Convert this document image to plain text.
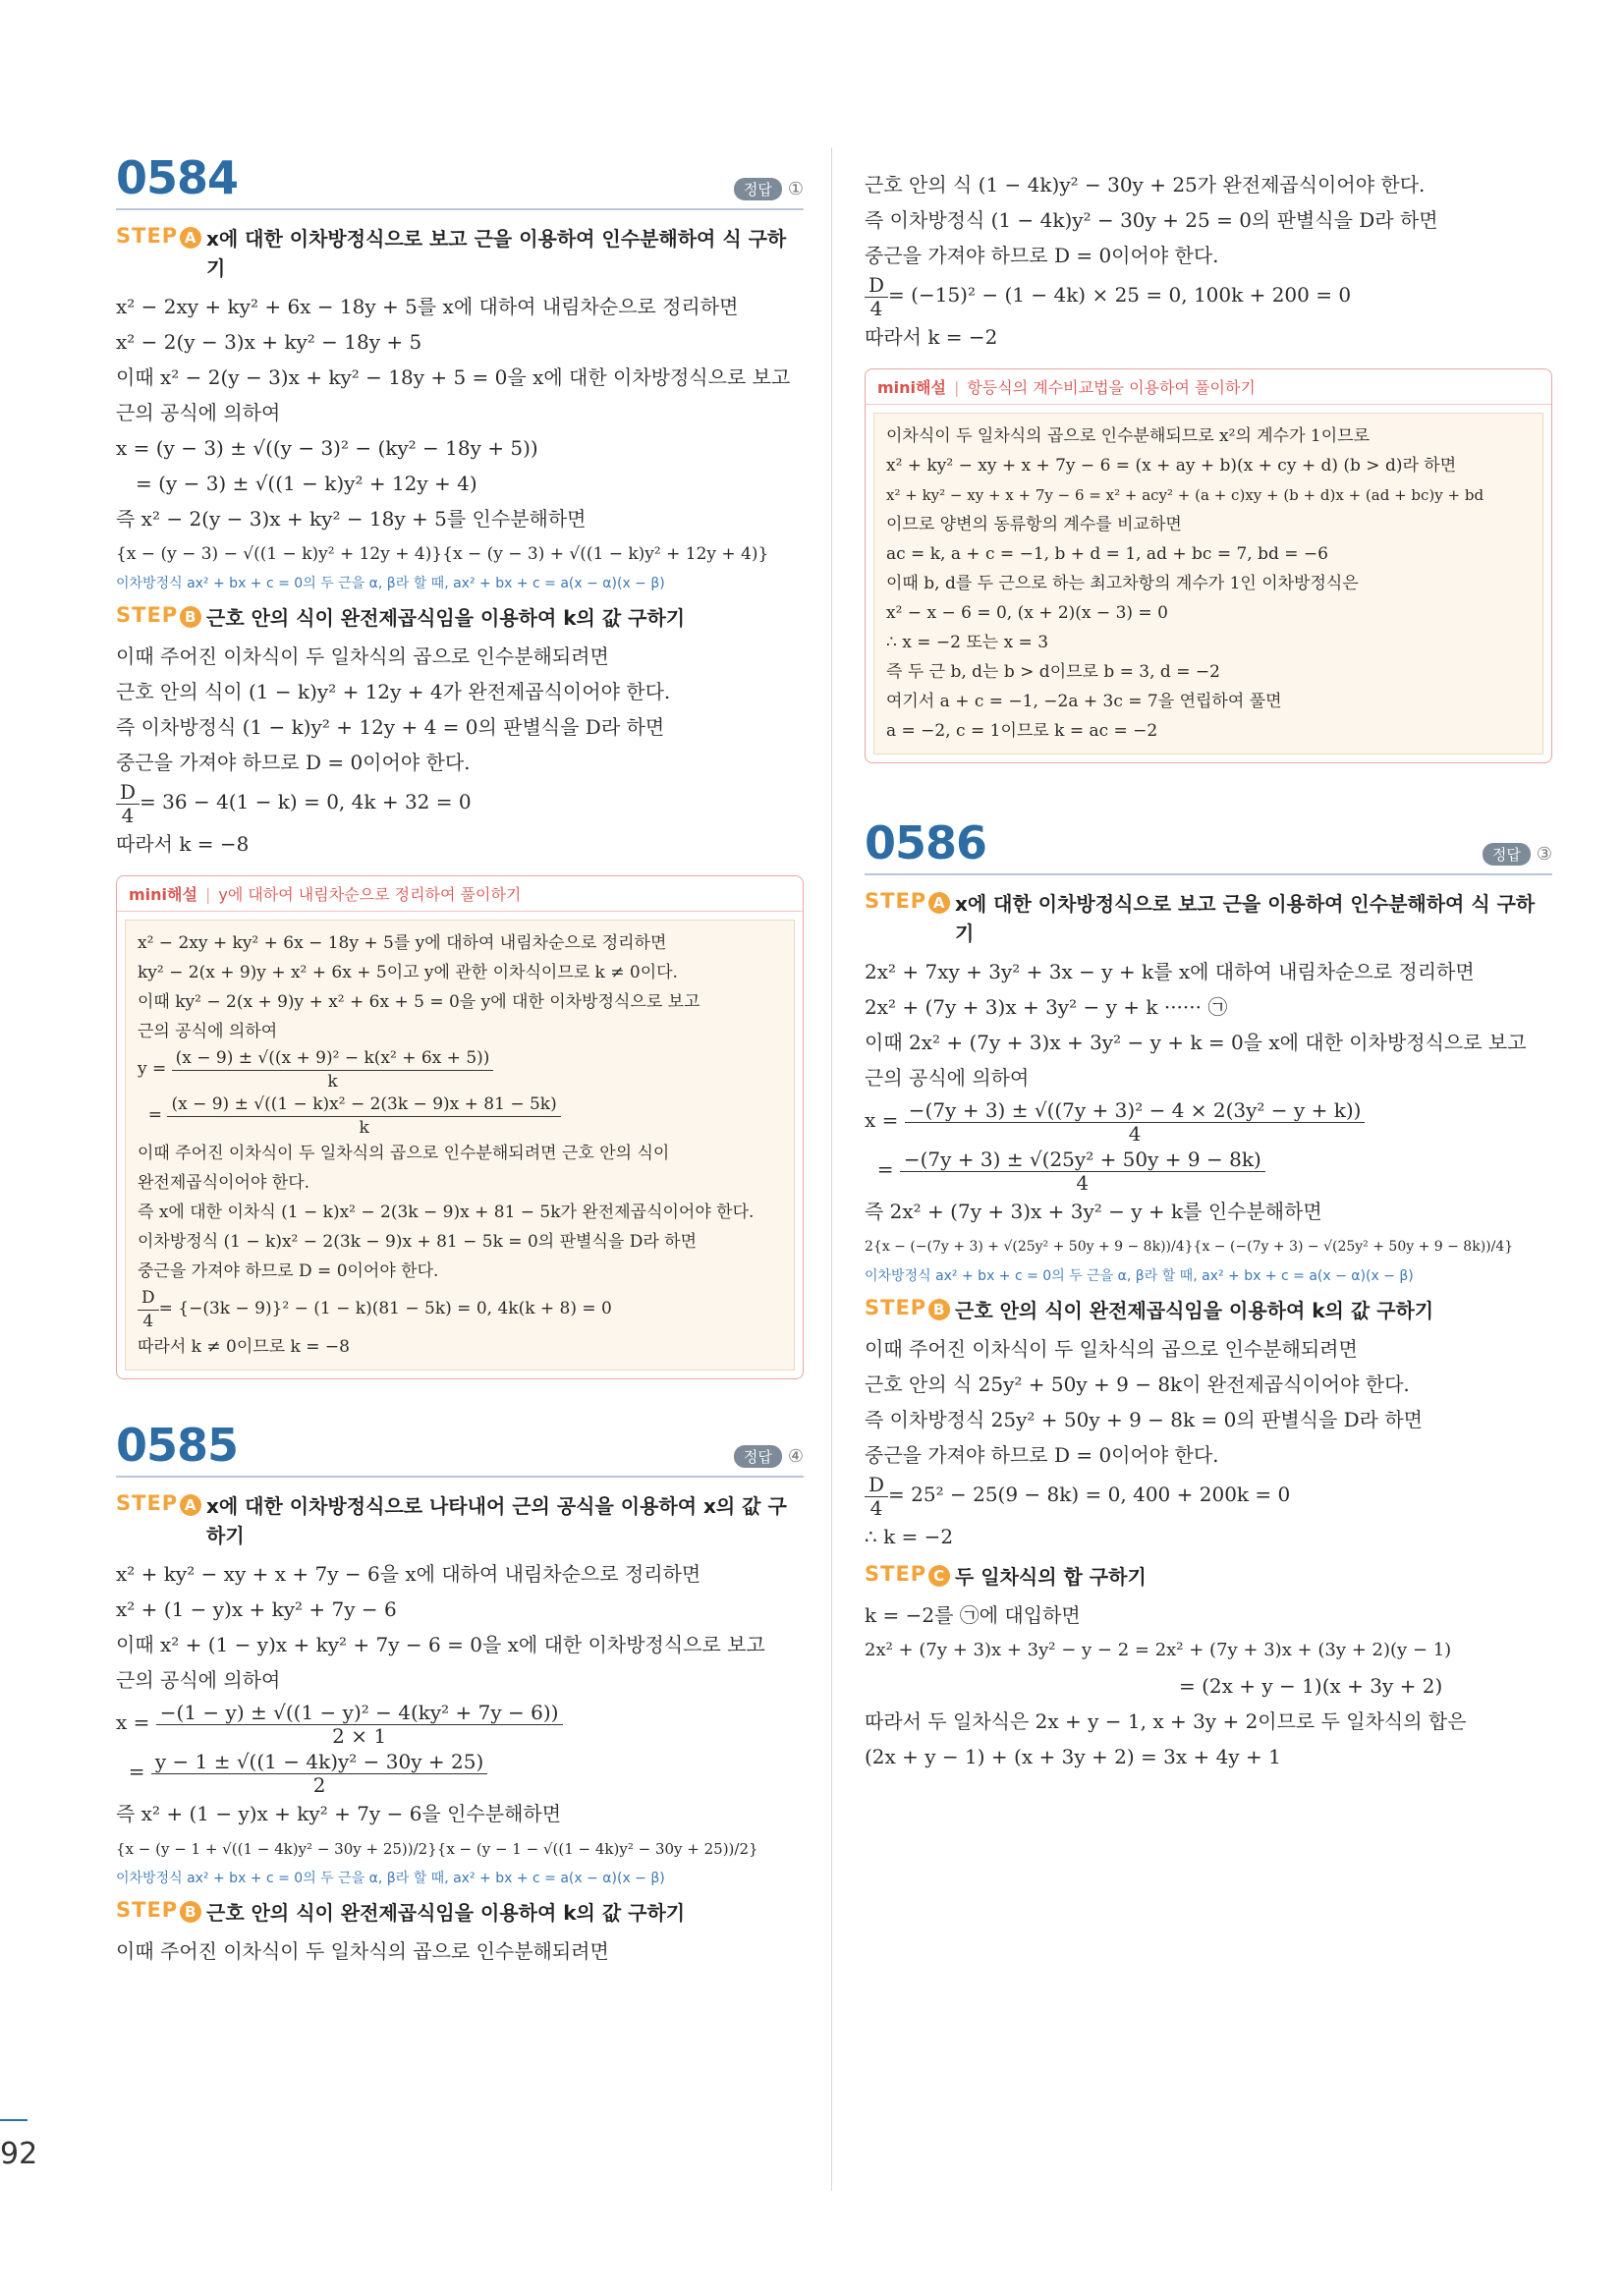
0584	정답 ①
STEP A x에 대한 이차방정식으로 보고 근을 이용하여 인수분해하여 식 구하기
x² − 2xy + ky² + 6x − 18y + 5를 x에 대하여 내림차순으로 정리하면
x² − 2(y − 3)x + ky² − 18y + 5
이때 x² − 2(y − 3)x + ky² − 18y + 5 = 0을 x에 대한 이차방정식으로 보고
근의 공식에 의하여
x = (y − 3) ± √((y − 3)² − (ky² − 18y + 5))
= (y − 3) ± √((1 − k)y² + 12y + 4)
즉 x² − 2(y − 3)x + ky² − 18y + 5를 인수분해하면
{x − (y − 3) − √((1 − k)y² + 12y + 4)}{x − (y − 3) + √((1 − k)y² + 12y + 4)}
이차방정식 ax² + bx + c = 0의 두 근을 α, β라 할 때, ax² + bx + c = a(x − α)(x − β)
STEP B 근호 안의 식이 완전제곱식임을 이용하여 k의 값 구하기
이때 주어진 이차식이 두 일차식의 곱으로 인수분해되려면
근호 안의 식이 (1 − k)y² + 12y + 4가 완전제곱식이어야 한다.
즉 이차방정식 (1 − k)y² + 12y + 4 = 0의 판별식을 D라 하면
중근을 가져야 하므로 D = 0이어야 한다.
$\frac{D}{4} = 36 - 4(1 - k) = 0$, 4k + 32 = 0
따라서 k = −8
mini해설 | y에 대하여 내림차순으로 정리하여 풀이하기
x² − 2xy + ky² + 6x − 18y + 5를 y에 대하여 내림차순으로 정리하면
ky² − 2(x + 9)y + x² + 6x + 5이고 y에 관한 이차식이므로 k ≠ 0이다.
이때 ky² − 2(x + 9)y + x² + 6x + 5 = 0을 y에 대한 이차방정식으로 보고
근의 공식에 의하여
$y = \frac{\text{(x − 9) ± √((x + 9)² − k(x² + 6x + 5))}}{k}$
= $\frac{\text{(x − 9) ± √((1 − k)x² − 2(3k − 9)x + 81 − 5k)}}{k}$
이때 주어진 이차식이 두 일차식의 곱으로 인수분해되려면 근호 안의 식이
완전제곱식이어야 한다.
즉 x에 대한 이차식 (1 − k)x² − 2(3k − 9)x + 81 − 5k가 완전제곱식이어야 한다.
이차방정식 (1 − k)x² − 2(3k − 9)x + 81 − 5k = 0의 판별식을 D라 하면
중근을 가져야 하므로 D = 0이어야 한다.
$\frac{D}{4} = \{-(3k - 9)\}^2 - (1 - k)(81 - 5k) = 0$, 4k(k + 8) = 0
따라서 k ≠ 0이므로 k = −8
0585	정답 ④
STEP A x에 대한 이차방정식으로 나타내어 근의 공식을 이용하여 x의 값 구하기
x² + ky² − xy + x + 7y − 6을 x에 대하여 내림차순으로 정리하면
x² + (1 − y)x + ky² + 7y − 6
이때 x² + (1 − y)x + ky² + 7y − 6 = 0을 x에 대한 이차방정식으로 보고
근의 공식에 의하여
$x = \frac{\text{−(1 − y) ± √((1 − y)² − 4(ky² + 7y − 6))}}{2 \times 1}$
= $\frac{\text{y − 1 ± √((1 − 4k)y² − 30y + 25)}}{2}$
즉 x² + (1 − y)x + ky² + 7y − 6을 인수분해하면
{x − (y − 1 + √((1 − 4k)y² − 30y + 25))/2}{x − (y − 1 − √((1 − 4k)y² − 30y + 25))/2}
이차방정식 ax² + bx + c = 0의 두 근을 α, β라 할 때, ax² + bx + c = a(x − α)(x − β)
STEP B 근호 안의 식이 완전제곱식임을 이용하여 k의 값 구하기
이때 주어진 이차식이 두 일차식의 곱으로 인수분해되려면
근호 안의 식 (1 − 4k)y² − 30y + 25가 완전제곱식이어야 한다.
즉 이차방정식 (1 − 4k)y² − 30y + 25 = 0의 판별식을 D라 하면
중근을 가져야 하므로 D = 0이어야 한다.
$\frac{D}{4} = (-15)^2 - (1 - 4k) \times 25 = 0$, 100k + 200 = 0
따라서 k = −2
mini해설 | 항등식의 계수비교법을 이용하여 풀이하기
이차식이 두 일차식의 곱으로 인수분해되므로 x²의 계수가 1이므로
x² + ky² − xy + x + 7y − 6 = (x + ay + b)(x + cy + d) (b > d)라 하면
x² + ky² − xy + x + 7y − 6 = x² + acy² + (a + c)xy + (b + d)x + (ad + bc)y + bd
이므로 양변의 동류항의 계수를 비교하면
ac = k, a + c = −1, b + d = 1, ad + bc = 7, bd = −6
이때 b, d를 두 근으로 하는 최고차항의 계수가 1인 이차방정식은
x² − x − 6 = 0, (x + 2)(x − 3) = 0
∴ x = −2 또는 x = 3
즉 두 근 b, d는 b > d이므로 b = 3, d = −2
여기서 a + c = −1, −2a + 3c = 7을 연립하여 풀면
a = −2, c = 1이므로 k = ac = −2
0586	정답 ③
STEP A x에 대한 이차방정식으로 보고 근을 이용하여 인수분해하여 식 구하기
2x² + 7xy + 3y² + 3x − y + k를 x에 대하여 내림차순으로 정리하면
2x² + (7y + 3)x + 3y² − y + k ······ ㉠
이때 2x² + (7y + 3)x + 3y² − y + k = 0을 x에 대한 이차방정식으로 보고
근의 공식에 의하여
$x = \frac{\text{−(7y + 3) ± √((7y + 3)² − 4 × 2(3y² − y + k))}}{4}$
= $\frac{\text{−(7y + 3) ± √(25y² + 50y + 9 − 8k)}}{4}$
즉 2x² + (7y + 3)x + 3y² − y + k를 인수분해하면
2{x − (−(7y + 3) + √(25y² + 50y + 9 − 8k))/4}{x − (−(7y + 3) − √(25y² + 50y + 9 − 8k))/4}
이차방정식 ax² + bx + c = 0의 두 근을 α, β라 할 때, ax² + bx + c = a(x − α)(x − β)
STEP B 근호 안의 식이 완전제곱식임을 이용하여 k의 값 구하기
이때 주어진 이차식이 두 일차식의 곱으로 인수분해되려면
근호 안의 식 25y² + 50y + 9 − 8k이 완전제곱식이어야 한다.
즉 이차방정식 25y² + 50y + 9 − 8k = 0의 판별식을 D라 하면
중근을 가져야 하므로 D = 0이어야 한다.
$\frac{D}{4} = 25^2 - 25(9 - 8k) = 0$, 400 + 200k = 0
∴ k = −2
STEP C 두 일차식의 합 구하기
k = −2를 ㉠에 대입하면
2x² + (7y + 3)x + 3y² − y − 2 = 2x² + (7y + 3)x + (3y + 2)(y − 1)
= (2x + y − 1)(x + 3y + 2)
따라서 두 일차식은 2x + y − 1, x + 3y + 2이므로 두 일차식의 합은
(2x + y − 1) + (x + 3y + 2) = 3x + 4y + 1
92
